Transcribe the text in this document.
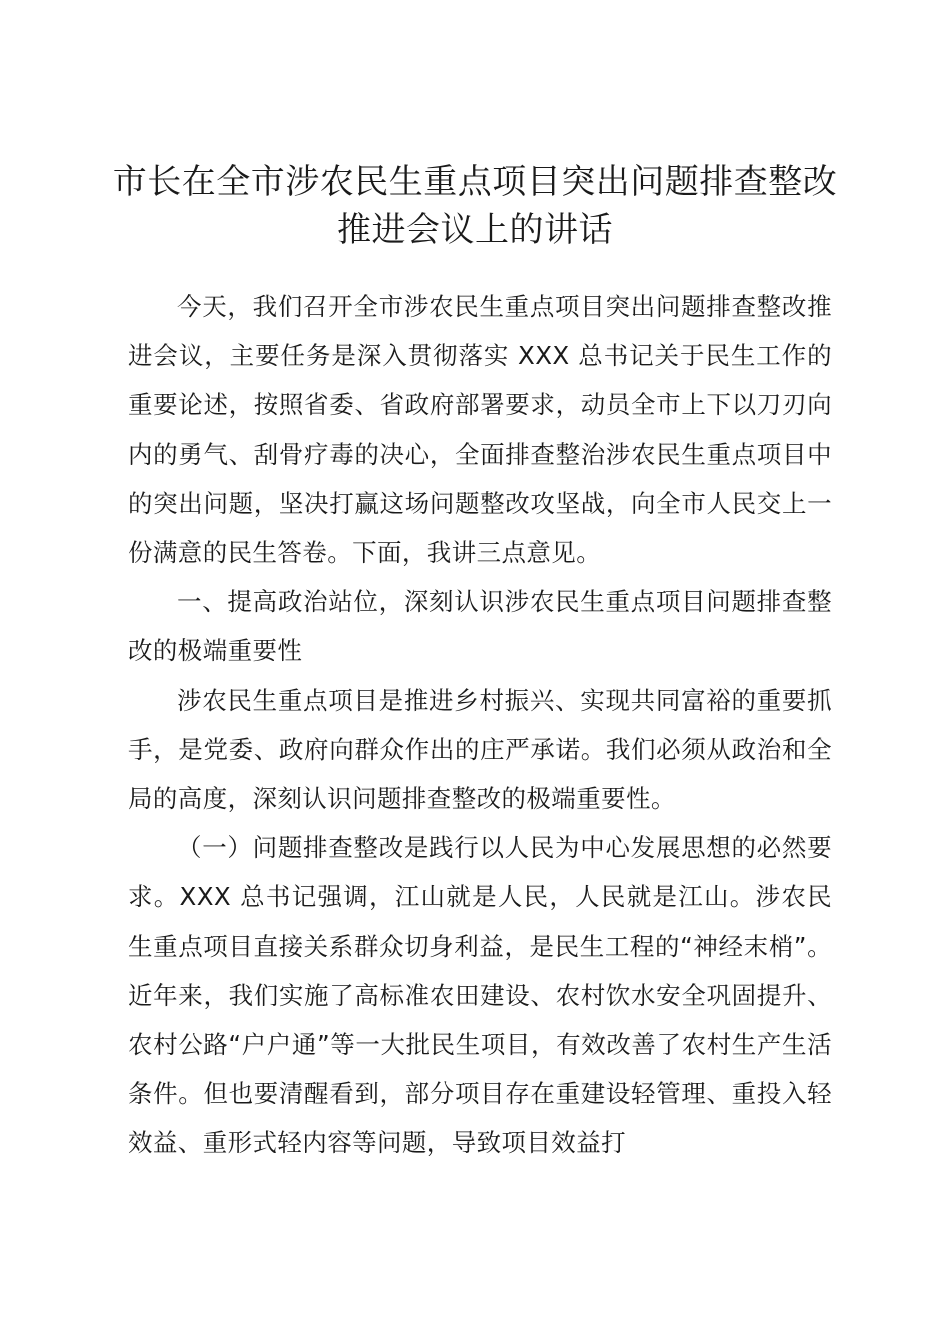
市长在全市涉农民生重点项目突出问题排查整改推进会议上的讲话

今天，我们召开全市涉农民生重点项目突出问题排查整改推进会议，主要任务是深入贯彻落实 XXX 总书记关于民生工作的重要论述，按照省委、省政府部署要求，动员全市上下以刀刃向内的勇气、刮骨疗毒的决心，全面排查整治涉农民生重点项目中的突出问题，坚决打赢这场问题整改攻坚战，向全市人民交上一份满意的民生答卷。下面，我讲三点意见。

一、提高政治站位，深刻认识涉农民生重点项目问题排查整改的极端重要性

涉农民生重点项目是推进乡村振兴、实现共同富裕的重要抓手，是党委、政府向群众作出的庄严承诺。我们必须从政治和全局的高度，深刻认识问题排查整改的极端重要性。

（一）问题排查整改是践行以人民为中心发展思想的必然要求。XXX 总书记强调，江山就是人民，人民就是江山。涉农民生重点项目直接关系群众切身利益，是民生工程的“神经末梢”。近年来，我们实施了高标准农田建设、农村饮水安全巩固提升、农村公路“户户通”等一大批民生项目，有效改善了农村生产生活条件。但也要清醒看到，部分项目存在重建设轻管理、重投入轻效益、重形式轻内容等问题，导致项目效益打
